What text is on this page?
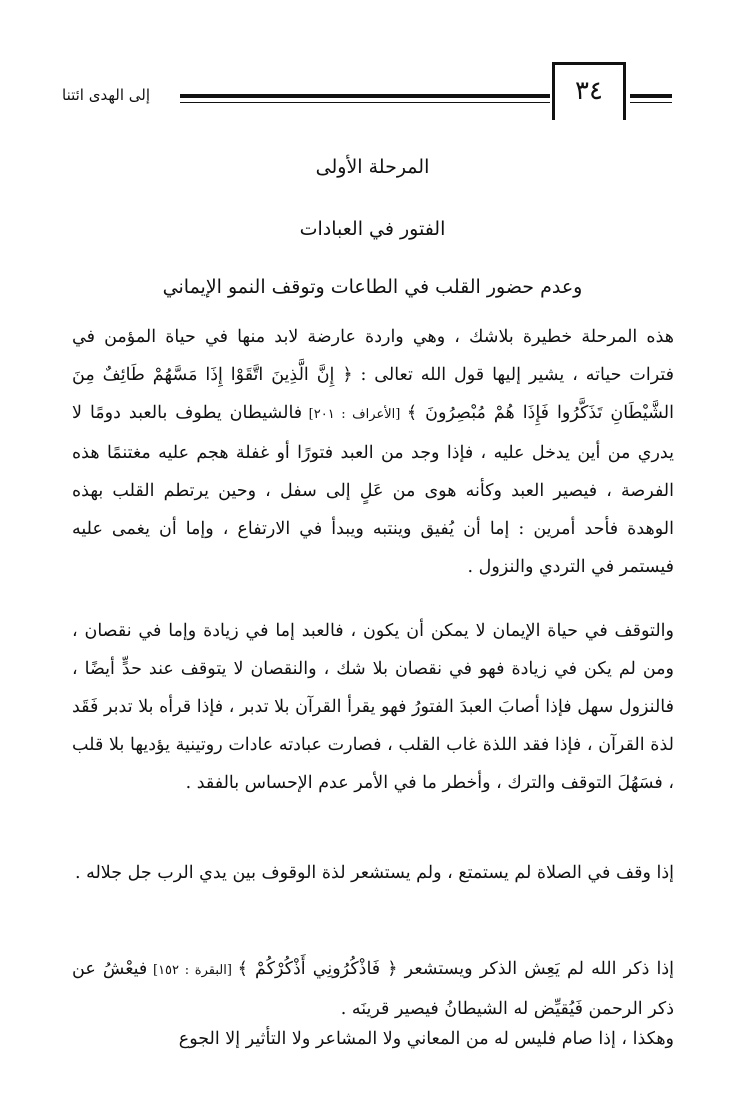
إلى الهدى ائتنا	٣٤
المرحلة الأولى
الفتور في العبادات
وعدم حضور القلب في الطاعات وتوقف النمو الإيماني

هذه المرحلة خطيرة بلاشك ، وهي واردة عارضة لابد منها في حياة المؤمن في فترات حياته ، يشير إليها قول الله تعالى : ﴿ إِنَّ الَّذِينَ اتَّقَوْا إِذَا مَسَّهُمْ طَائِفٌ مِنَ الشَّيْطَانِ تَذَكَّرُوا فَإِذَا هُمْ مُبْصِرُونَ ﴾ [الأعراف : ٢٠١] فالشيطان يطوف بالعبد دومًا لا يدري من أين يدخل عليه ، فإذا وجد من العبد فتورًا أو غفلة هجم عليه مغتنمًا هذه الفرصة ، فيصير العبد وكأنه هوى من عَلٍ إلى سفل ، وحين يرتطم القلب بهذه الوهدة فأحد أمرين : إما أن يُفيق وينتبه ويبدأ في الارتفاع ، وإما أن يغمى عليه فيستمر في التردي والنزول .

والتوقف في حياة الإيمان لا يمكن أن يكون ، فالعبد إما في زيادة وإما في نقصان ، ومن لم يكن في زيادة فهو في نقصان بلا شك ، والنقصان لا يتوقف عند حدٍّ أيضًا ، فالنزول سهل فإذا أصابَ العبدَ الفتورُ فهو يقرأ القرآن بلا تدبر ، فإذا قرأه بلا تدبر فَقَد لذة القرآن ، فإذا فقد اللذة غاب القلب ، فصارت عبادته عادات روتينية يؤديها بلا قلب ، فسَهُلَ التوقف والترك ، وأخطر ما في الأمر عدم الإحساس بالفقد .

إذا وقف في الصلاة لم يستمتع ، ولم يستشعر لذة الوقوف بين يدي الرب جل جلاله .

إذا ذكر الله لم يَعِش الذكر ويستشعر ﴿ فَاذْكُرُونِي أَذْكُرْكُمْ ﴾ [البقرة : ١٥٢] فيعْشُ عن ذكر الرحمن فَيُقيِّض له الشيطانُ فيصير قرينَه .

وهكذا ، إذا صام فليس له من المعاني ولا المشاعر ولا التأثير إلا الجوع
